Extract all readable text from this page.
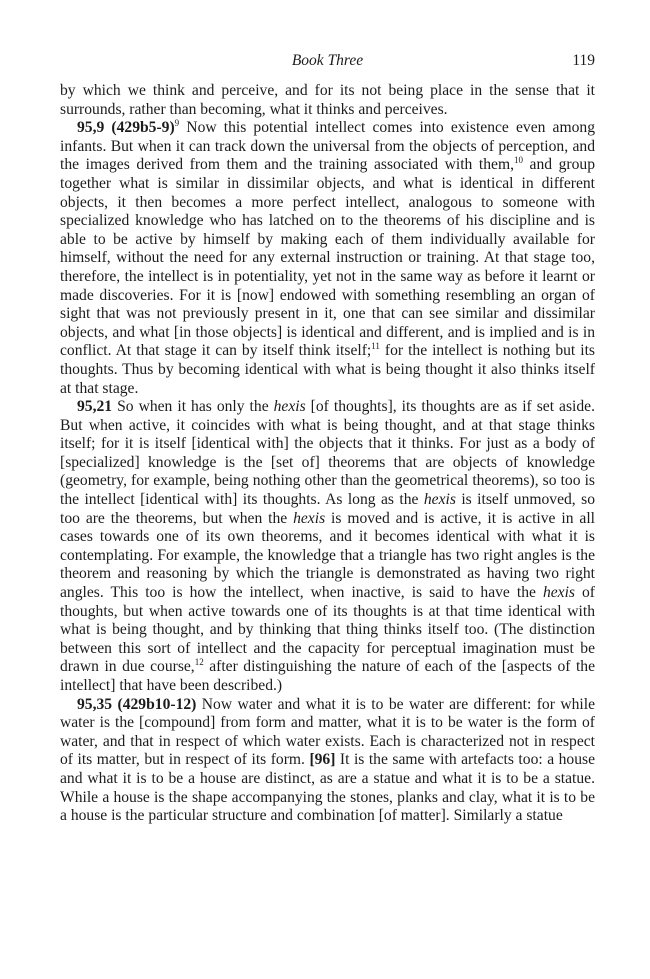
Book Three	119

by which we think and perceive, and for its not being place in the sense that it surrounds, rather than becoming, what it thinks and perceives.

95,9 $(429b5-9)^9$ Now this potential intellect comes into existence even among infants. But when it can track down the universal from the objects of perception, and the images derived from them and the training associated with them,$^{10}$ and group together what is similar in dissimilar objects, and what is identical in different objects, it then becomes a more perfect intellect, analogous to someone with specialized knowledge who has latched on to the theorems of his discipline and is able to be active by himself by making each of them individually available for himself, without the need for any external instruction or training. At that stage too, therefore, the intellect is in potentiality, yet not in the same way as before it learnt or made discoveries. For it is [now] endowed with something resembling an organ of sight that was not previously present in it, one that can see similar and dissimilar objects, and what [in those objects] is identical and different, and is implied and is in conflict. At that stage it can by itself think itself;$^{11}$ for the intellect is nothing but its thoughts. Thus by becoming identical with what is being thought it also thinks itself at that stage.

95,21 So when it has only the hexis [of thoughts], its thoughts are as if set aside. But when active, it coincides with what is being thought, and at that stage thinks itself; for it is itself [identical with] the objects that it thinks. For just as a body of [specialized] knowledge is the [set of] theorems that are objects of knowledge (geometry, for example, being nothing other than the geometrical theorems), so too is the intellect [identical with] its thoughts. As long as the hexis is itself unmoved, so too are the theorems, but when the hexis is moved and is active, it is active in all cases towards one of its own theorems, and it becomes identical with what it is contemplating. For example, the knowledge that a triangle has two right angles is the theorem and reasoning by which the triangle is demonstrated as having two right angles. This too is how the intellect, when inactive, is said to have the hexis of thoughts, but when active towards one of its thoughts is at that time identical with what is being thought, and by thinking that thing thinks itself too. (The distinction between this sort of intellect and the capacity for perceptual imagination must be drawn in due course,$^{12}$ after distinguishing the nature of each of the [aspects of the intellect] that have been described.)

95,35 (429b10-12) Now water and what it is to be water are different: for while water is the [compound] from form and matter, what it is to be water is the form of water, and that in respect of which water exists. Each is characterized not in respect of its matter, but in respect of its form. [96] It is the same with artefacts too: a house and what it is to be a house are distinct, as are a statue and what it is to be a statue. While a house is the shape accompanying the stones, planks and clay, what it is to be a house is the particular structure and combination [of matter]. Similarly a statue
